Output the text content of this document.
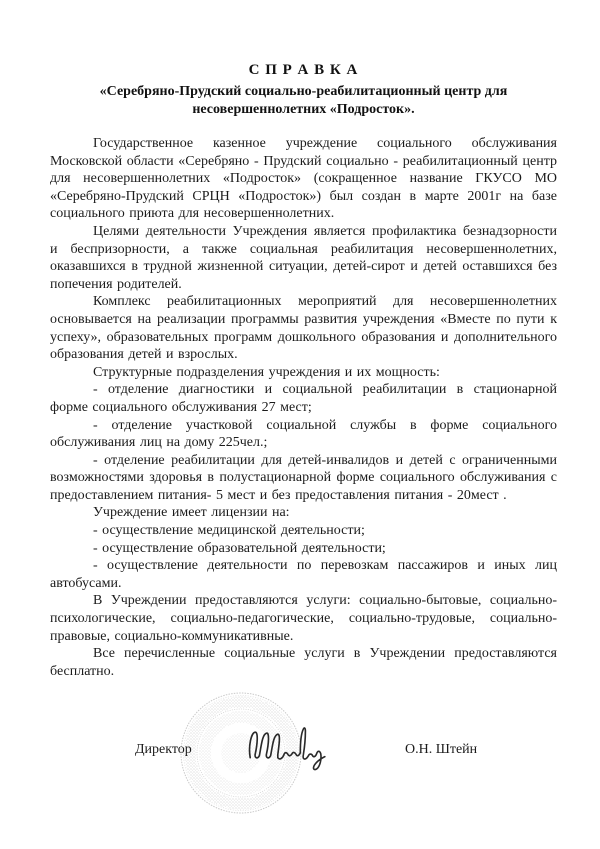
С П Р А В К А
«Серебряно-Прудский социально-реабилитационный центр для несовершеннолетних «Подросток».

Государственное казенное учреждение социального обслуживания Московской области «Серебряно - Прудский социально - реабилитационный центр для несовершеннолетних «Подросток» (сокращенное название ГКУСО МО «Серебряно-Прудский СРЦН «Подросток») был создан в марте 2001г на базе социального приюта для несовершеннолетних.

Целями деятельности Учреждения является профилактика безнадзорности и беспризорности, а также социальная реабилитация несовершеннолетних, оказавшихся в трудной жизненной ситуации, детей-сирот и детей оставшихся без попечения родителей.

Комплекс реабилитационных мероприятий для несовершеннолетних основывается на реализации программы развития учреждения «Вместе по пути к успеху», образовательных программ дошкольного образования и дополнительного образования детей и взрослых.

Структурные подразделения учреждения и их мощность:

- отделение диагностики и социальной реабилитации в стационарной форме социального обслуживания 27 мест;

- отделение участковой социальной службы в форме социального обслуживания лиц на дому 225чел.;

- отделение реабилитации для детей-инвалидов и детей с ограниченными возможностями здоровья в полустационарной форме социального обслуживания с предоставлением питания- 5 мест и без предоставления питания - 20мест .

Учреждение имеет лицензии на:

- осуществление медицинской деятельности;

- осуществление образовательной деятельности;

- осуществление деятельности по перевозкам пассажиров и иных лиц автобусами.

В Учреждении предоставляются услуги: социально-бытовые, социально-психологические, социально-педагогические, социально-трудовые, социально-правовые, социально-коммуникативные.

Все перечисленные социальные услуги в Учреждении предоставляются бесплатно.

Директор	О.Н. Штейн
